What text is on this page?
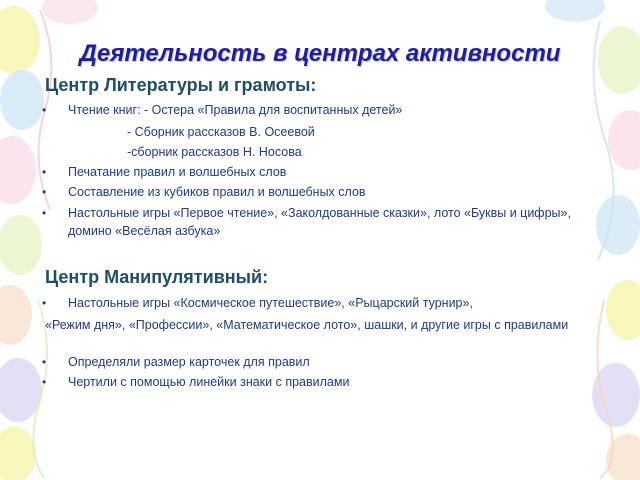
Деятельность в центрах активности
Центр Литературы и грамоты:
• Чтение книг: - Остера «Правила для воспитанных детей»
- Сборник рассказов В. Осеевой
-сборник рассказов Н. Носова
• Печатание правил и волшебных слов
• Составление из кубиков правил и волшебных слов
• Настольные игры «Первое чтение», «Заколдованные сказки», лото «Буквы и цифры», домино «Весёлая азбука»
Центр Манипулятивный:
• Настольные игры «Космическое путешествие», «Рыцарский турнир»,
«Режим дня», «Профессии», «Математическое лото», шашки, и другие игры с правилами
• Определяли размер карточек для правил
• Чертили с помощью линейки знаки с правилами
